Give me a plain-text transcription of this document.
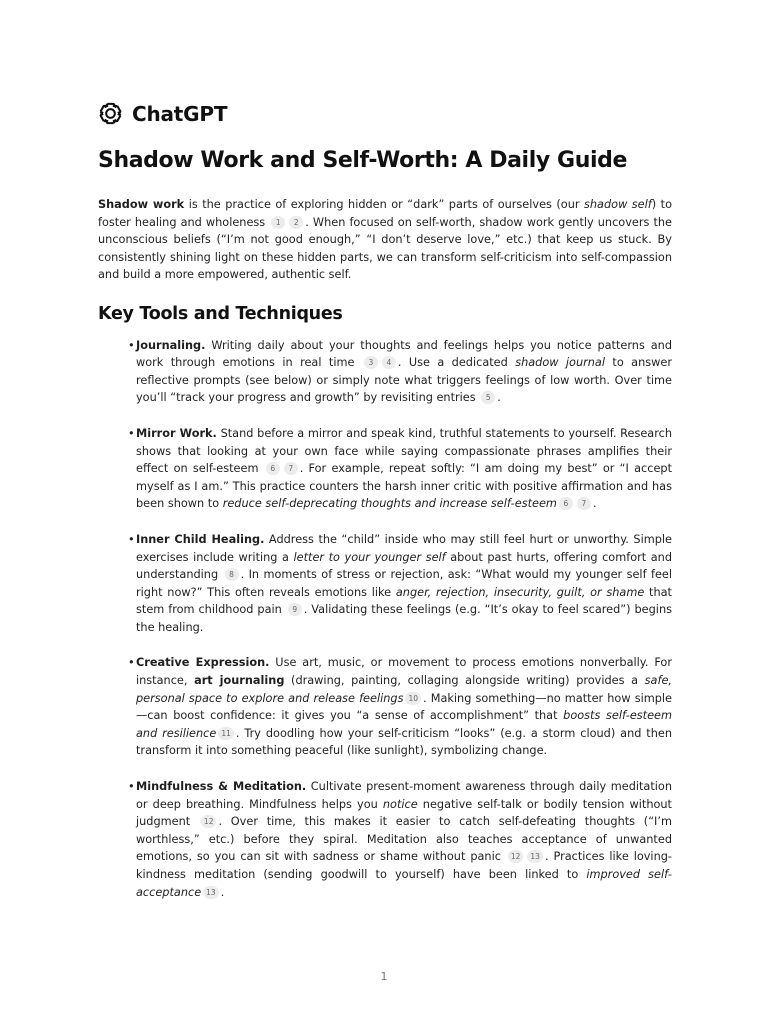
ChatGPT
Shadow Work and Self-Worth: A Daily Guide

Shadow work is the practice of exploring hidden or “dark” parts of ourselves (our shadow self) to foster healing and wholeness 1 2 . When focused on self-worth, shadow work gently uncovers the unconscious beliefs (“I’m not good enough,” “I don’t deserve love,” etc.) that keep us stuck. By consistently shining light on these hidden parts, we can transform self-criticism into self-compassion and build a more empowered, authentic self.

Key Tools and Techniques
• Journaling. Writing daily about your thoughts and feelings helps you notice patterns and work through emotions in real time 3 4 . Use a dedicated shadow journal to answer reflective prompts (see below) or simply note what triggers feelings of low worth. Over time you’ll “track your progress and growth” by revisiting entries 5 .
• Mirror Work. Stand before a mirror and speak kind, truthful statements to yourself. Research shows that looking at your own face while saying compassionate phrases amplifies their effect on self-esteem 6 7 . For example, repeat softly: “I am doing my best” or “I accept myself as I am.” This practice counters the harsh inner critic with positive affirmation and has been shown to reduce self-deprecating thoughts and increase self-esteem 6 7 .
• Inner Child Healing. Address the “child” inside who may still feel hurt or unworthy. Simple exercises include writing a letter to your younger self about past hurts, offering comfort and understanding 8 . In moments of stress or rejection, ask: “What would my younger self feel right now?” This often reveals emotions like anger, rejection, insecurity, guilt, or shame that stem from childhood pain 9 . Validating these feelings (e.g. “It’s okay to feel scared”) begins the healing.
• Creative Expression. Use art, music, or movement to process emotions nonverbally. For instance, art journaling (drawing, painting, collaging alongside writing) provides a safe, personal space to explore and release feelings 10 . Making something—no matter how simple—can boost confidence: it gives you “a sense of accomplishment” that boosts self-esteem and resilience 11 . Try doodling how your self-criticism “looks” (e.g. a storm cloud) and then transform it into something peaceful (like sunlight), symbolizing change.
• Mindfulness & Meditation. Cultivate present-moment awareness through daily meditation or deep breathing. Mindfulness helps you notice negative self-talk or bodily tension without judgment 12 . Over time, this makes it easier to catch self-defeating thoughts (“I’m worthless,” etc.) before they spiral. Meditation also teaches acceptance of unwanted emotions, so you can sit with sadness or shame without panic 12 13 . Practices like loving-kindness meditation (sending goodwill to yourself) have been linked to improved self-acceptance 13 .
1
